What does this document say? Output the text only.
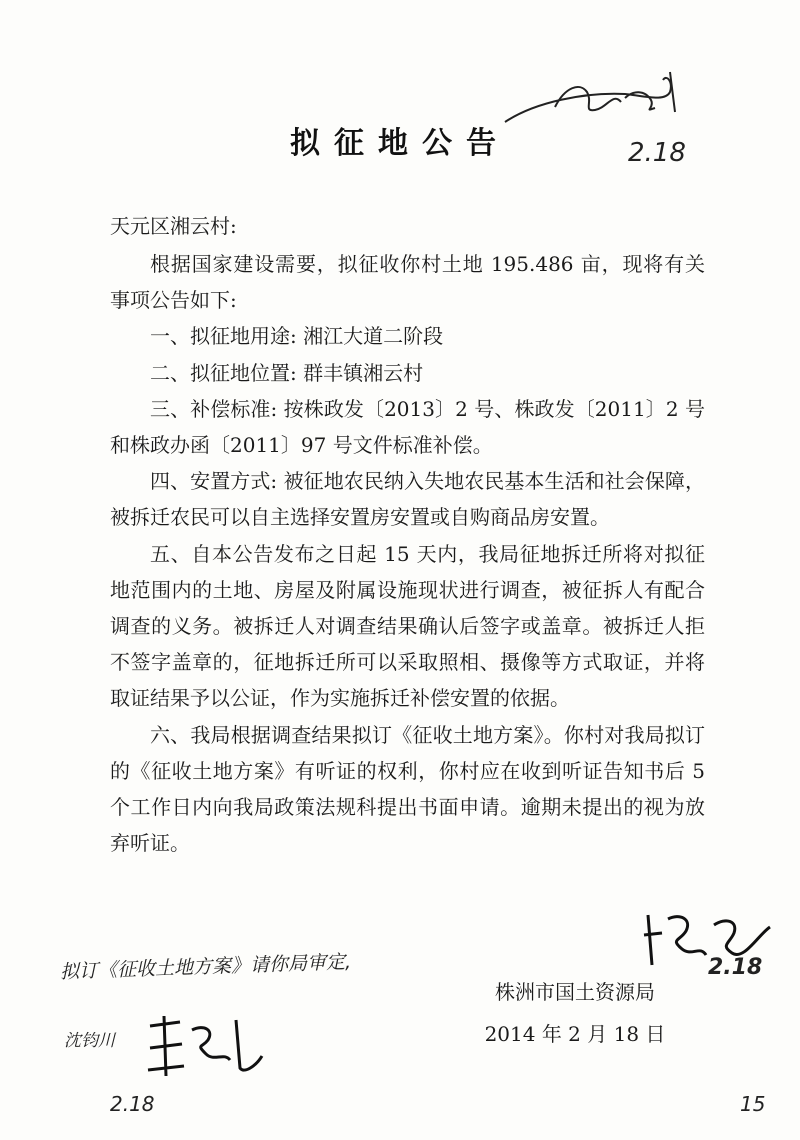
2.18
拟征地公告
天元区湘云村:

根据国家建设需要，拟征收你村土地 195.486 亩，现将有关事项公告如下:

一、拟征地用途: 湘江大道二阶段

二、拟征地位置: 群丰镇湘云村

三、补偿标准: 按株政发〔2013〕2 号、株政发〔2011〕2 号和株政办函〔2011〕97 号文件标准补偿。

四、安置方式: 被征地农民纳入失地农民基本生活和社会保障，被拆迁农民可以自主选择安置房安置或自购商品房安置。

五、自本公告发布之日起 15 天内，我局征地拆迁所将对拟征地范围内的土地、房屋及附属设施现状进行调查，被征拆人有配合调查的义务。被拆迁人对调查结果确认后签字或盖章。被拆迁人拒不签字盖章的，征地拆迁所可以采取照相、摄像等方式取证，并将取证结果予以公证，作为实施拆迁补偿安置的依据。

六、我局根据调查结果拟订《征收土地方案》。你村对我局拟订的《征收土地方案》有听证的权利，你村应在收到听证告知书后 5 个工作日内向我局政策法规科提出书面申请。逾期未提出的视为放弃听证。

2.18
拟订《征收土地方案》请你局审定,
株洲市国土资源局
2014 年 2 月 18 日
沈钧川
2.18	15
